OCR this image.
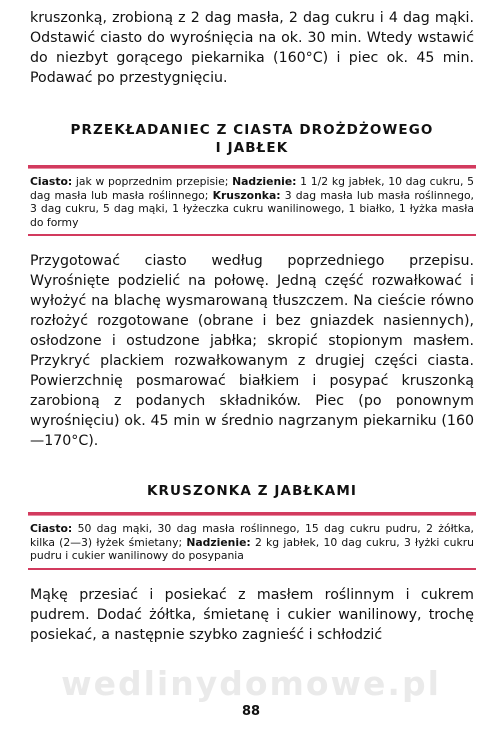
kruszonką, zrobioną z 2 dag masła, 2 dag cukru i 4 dag mąki. Odstawić ciasto do wyrośnięcia na ok. 30 min. Wtedy wstawić do niezbyt gorącego piekarnika (160°C) i piec ok. 45 min. Podawać po przestygnięciu.

PRZEKŁADANIEC Z CIASTA DROŻDŻOWEGO

I JABŁEK

Ciasto: jak w poprzednim przepisie; Nadzienie: 1 1/2 kg jabłek, 10 dag cukru, 5 dag masła lub masła roślinnego; Kruszonka: 3 dag masła lub masła roślinnego, 3 dag cukru, 5 dag mąki, 1 łyżeczka cukru wanilinowego, 1 białko, 1 łyżka masła do formy

Przygotować ciasto według poprzedniego przepisu. Wyrośnięte podzielić na połowę. Jedną część rozwałkować i wyłożyć na blachę wysmarowaną tłuszczem. Na cieście równo rozłożyć rozgotowane (obrane i bez gniazdek nasiennych), osłodzone i ostudzone jabłka; skropić stopionym masłem. Przykryć plackiem rozwałkowanym z drugiej części ciasta. Powierzchnię posmarować białkiem i posypać kruszonką zarobioną z podanych składników. Piec (po ponownym wyrośnięciu) ok. 45 min w średnio nagrzanym piekarniku (160—170°C).

KRUSZONKA Z JABŁKAMI

Ciasto: 50 dag mąki, 30 dag masła roślinnego, 15 dag cukru pudru, 2 żółtka, kilka (2—3) łyżek śmietany; Nadzienie: 2 kg jabłek, 10 dag cukru, 3 łyżki cukru pudru i cukier wanilinowy do posypania

Mąkę przesiać i posiekać z masłem roślinnym i cukrem pudrem. Dodać żółtka, śmietanę i cukier wanilinowy, trochę posiekać, a następnie szybko zagnieść i schłodzić

wedlinydomowe.pl
88
